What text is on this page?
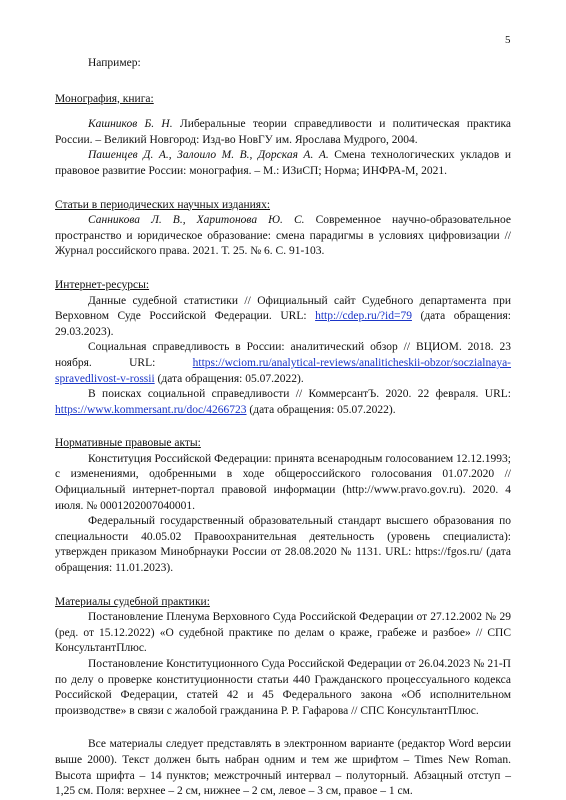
5

Например:

Монография, книга:

Кашников Б. Н. Либеральные теории справедливости и политическая практика России. – Великий Новгород: Изд-во НовГУ им. Ярослава Мудрого, 2004.

Пашенцев Д. А., Залоило М. В., Дорская А. А. Смена технологических укладов и правовое развитие России: монография. – М.: ИЗиСП; Норма; ИНФРА-М, 2021.

Статьи в периодических научных изданиях:

Санникова Л. В., Харитонова Ю. С. Современное научно-образовательное пространство и юридическое образование: смена парадигмы в условиях цифровизации // Журнал российского права. 2021. Т. 25. № 6. С. 91-103.

Интернет-ресурсы:

Данные судебной статистики // Официальный сайт Судебного департамента при Верховном Суде Российской Федерации. URL: http://cdep.ru/?id=79 (дата обращения: 29.03.2023).

Социальная справедливость в России: аналитический обзор // ВЦИОМ. 2018. 23

ноября.	URL:	https://wciom.ru/analytical-reviews/analiticheskii-obzor/soczialnaya-

spravedlivost-v-rossii (дата обращения: 05.07.2022).

В поисках социальной справедливости // КоммерсантЪ. 2020. 22 февраля. URL: https://www.kommersant.ru/doc/4266723 (дата обращения: 05.07.2022).

Нормативные правовые акты:

Конституция Российской Федерации: принята всенародным голосованием 12.12.1993; с изменениями, одобренными в ходе общероссийского голосования 01.07.2020 // Официальный интернет-портал правовой информации (http://www.pravo.gov.ru). 2020. 4 июля. № 0001202007040001.

Федеральный государственный образовательный стандарт высшего образования по специальности 40.05.02 Правоохранительная деятельность (уровень специалиста): утвержден приказом Минобрнауки России от 28.08.2020 № 1131. URL: https://fgos.ru/ (дата обращения: 11.01.2023).

Материалы судебной практики:

Постановление Пленума Верховного Суда Российской Федерации от 27.12.2002 № 29 (ред. от 15.12.2022) «О судебной практике по делам о краже, грабеже и разбое» // СПС КонсультантПлюс.

Постановление Конституционного Суда Российской Федерации от 26.04.2023 № 21-П по делу о проверке конституционности статьи 440 Гражданского процессуального кодекса Российской Федерации, статей 42 и 45 Федерального закона «Об исполнительном производстве» в связи с жалобой гражданина Р. Р. Гафарова // СПС КонсультантПлюс.

Все материалы следует представлять в электронном варианте (редактор Word версии выше 2000). Текст должен быть набран одним и тем же шрифтом – Times New Roman. Высота шрифта – 14 пунктов; межстрочный интервал – полуторный. Абзацный отступ – 1,25 см. Поля: верхнее – 2 см, нижнее – 2 см, левое – 3 см, правое – 1 см.
